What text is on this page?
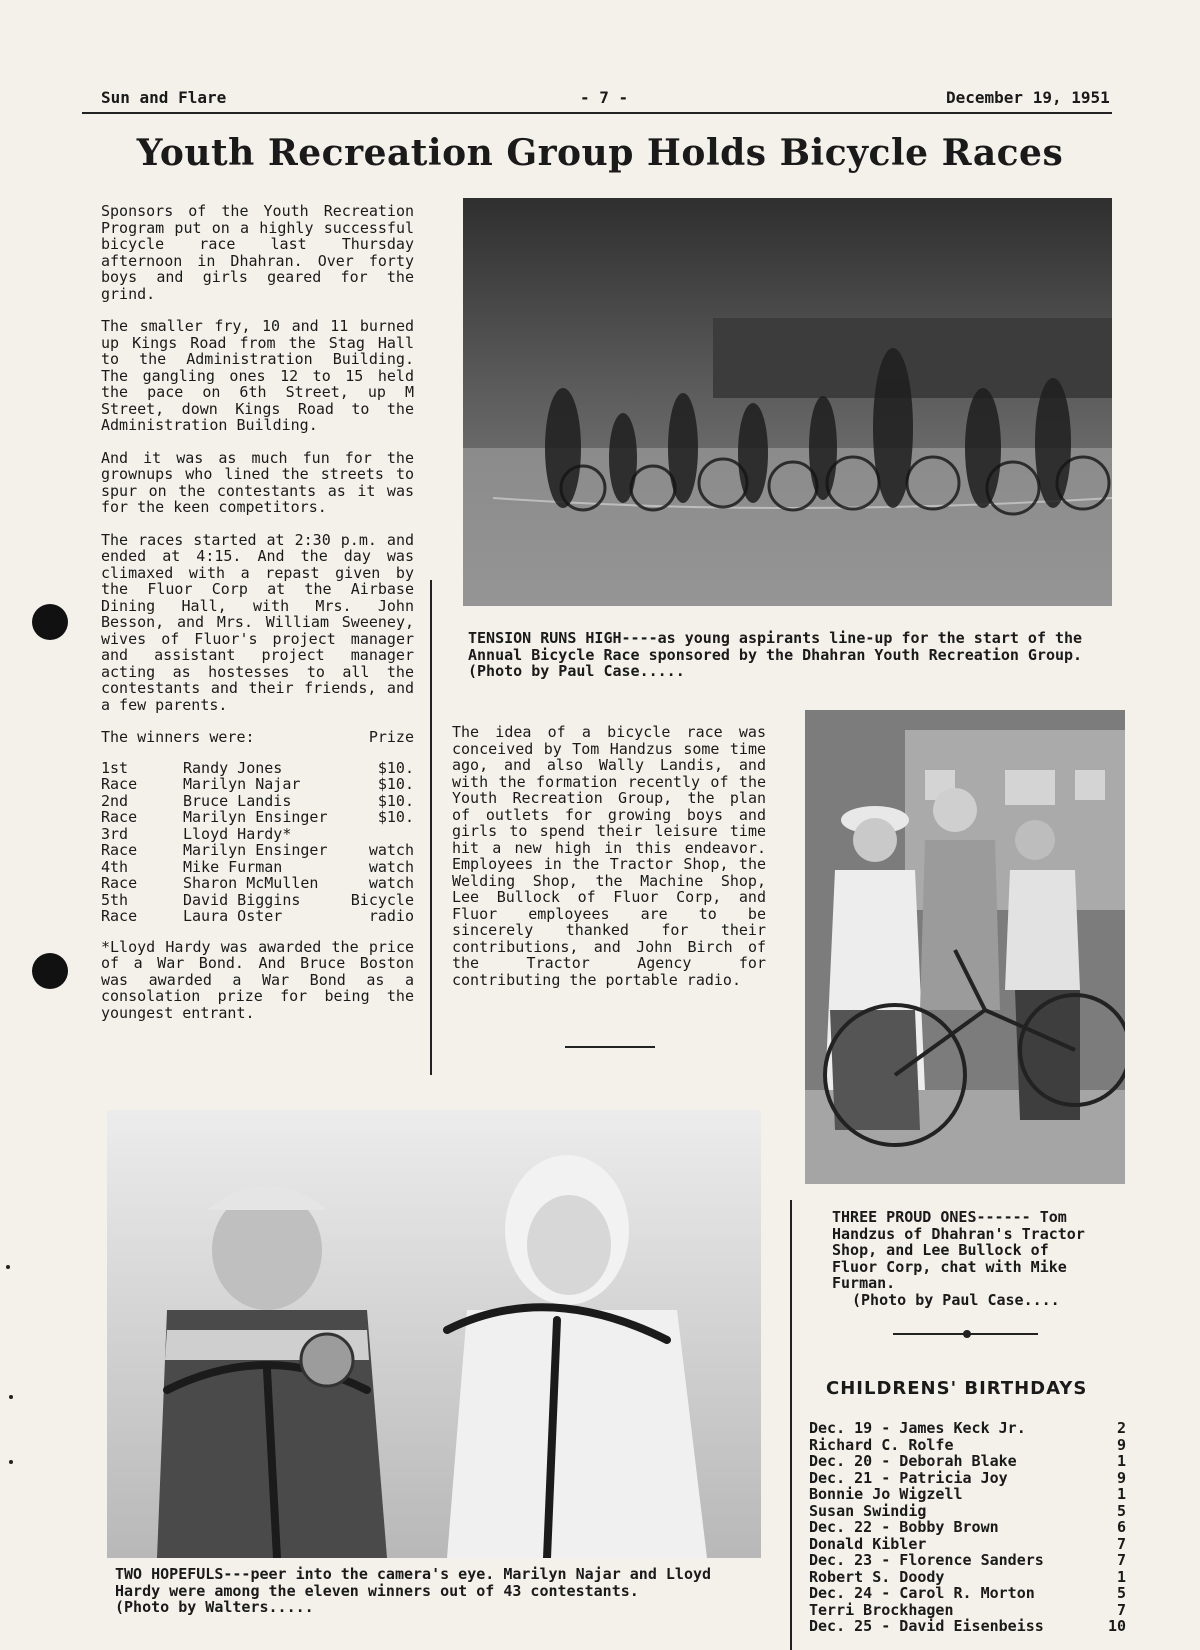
Sun and Flare	- 7 -	December 19, 1951
Youth Recreation Group Holds Bicycle Races

Sponsors of the Youth Recreation Program put on a highly successful bicycle race last Thursday afternoon in Dhahran. Over forty boys and girls geared for the grind.

The smaller fry, 10 and 11 burned up Kings Road from the Stag Hall to the Administration Building. The gangling ones 12 to 15 held the pace on 6th Street, up M Street, down Kings Road to the Administration Building.

And it was as much fun for the grownups who lined the streets to spur on the contestants as it was for the keen competitors.

The races started at 2:30 p.m. and ended at 4:15. And the day was climaxed with a repast given by the Fluor Corp at the Airbase Dining Hall, with Mrs. John Besson, and Mrs. William Sweeney, wives of Fluor's project manager and assistant project manager acting as hostesses to all the contestants and their friends, and a few parents.

The winners were:	Prize
1st	Randy Jones	$10.
Race	Marilyn Najar	$10.
2nd	Bruce Landis	$10.
Race	Marilyn Ensinger	$10.
3rd	Lloyd Hardy*	
Race	Marilyn Ensinger	watch
4th	Mike Furman	watch
Race	Sharon McMullen	watch
5th	David Biggins	Bicycle
Race	Laura Oster	radio

*Lloyd Hardy was awarded the price of a War Bond. And Bruce Boston was awarded a War Bond as a consolation prize for being the youngest entrant.

TENSION RUNS HIGH----as young aspirants line-up for the start of the Annual Bicycle Race sponsored by the Dhahran Youth Recreation Group.          (Photo by Paul Case.....
The idea of a bicycle race was conceived by Tom Handzus some time ago, and also Wally Landis, and with the formation recently of the Youth Recreation Group, the plan of outlets for growing boys and girls to spend their leisure time hit a new high in this endeavor. Employees in the Tractor Shop, the Welding Shop, the Machine Shop, Lee Bullock of Fluor Corp, and Fluor employees are to be sincerely thanked for their contributions, and John Birch of the Tractor Agency for contributing the portable radio.
THREE PROUD ONES------ Tom Handzus of Dhahran's Tractor Shop, and Lee Bullock of Fluor Corp, chat with Mike Furman.
(Photo by Paul Case....
TWO HOPEFULS---peer into the camera's eye. Marilyn Najar and Lloyd Hardy were among the eleven winners out of 43 contestants.            (Photo by Walters.....
CHILDRENS' BIRTHDAYS
Dec. 19 - James Keck Jr.	2
Richard C. Rolfe	9
Dec. 20 - Deborah Blake	1
Dec. 21 - Patricia Joy	9
Bonnie Jo Wigzell	1
Susan Swindig	5
Dec. 22 - Bobby Brown	6
Donald Kibler	7
Dec. 23 - Florence Sanders	7
Robert S. Doody	1
Dec. 24 - Carol R. Morton	5
Terri Brockhagen	7
Dec. 25 - David Eisenbeiss	10
